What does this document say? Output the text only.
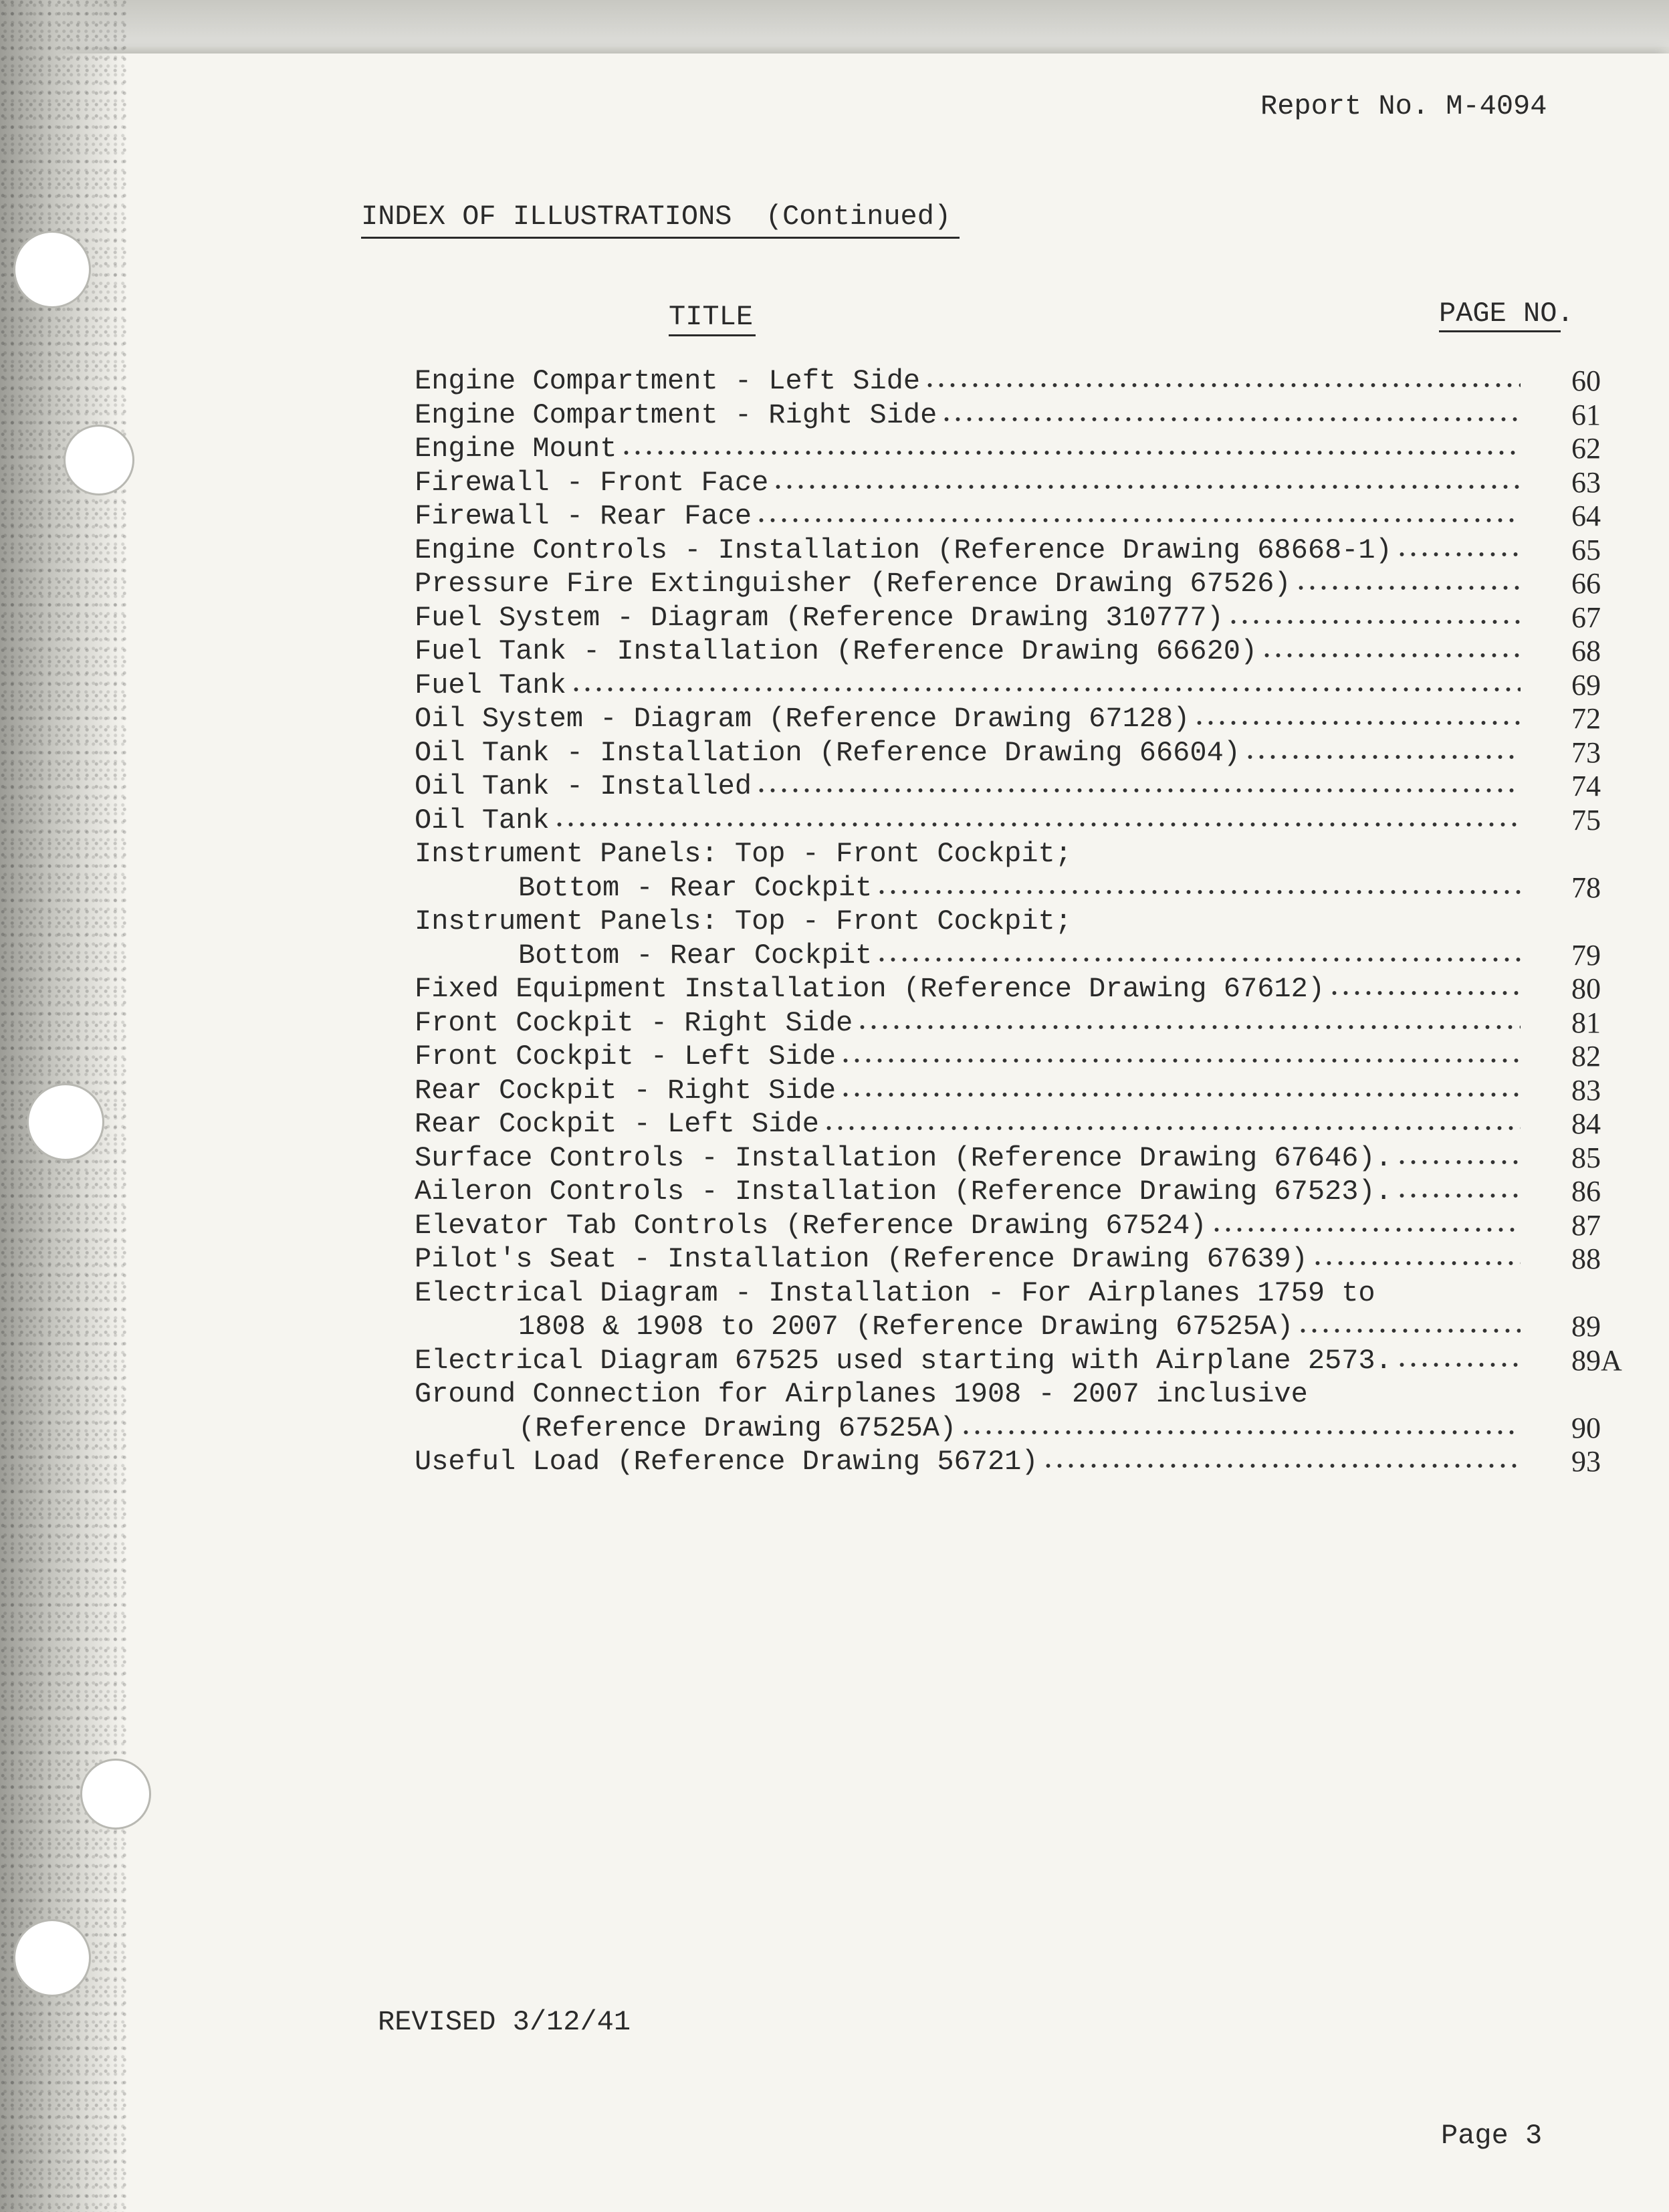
Report No. M-4094
INDEX OF ILLUSTRATIONS  (Continued)
TITLE	PAGE NO.
Engine Compartment - Left Side	60
Engine Compartment - Right Side	61
Engine Mount	62
Firewall - Front Face	63
Firewall - Rear Face	64
Engine Controls - Installation (Reference Drawing 68668-1)	65
Pressure Fire Extinguisher (Reference Drawing 67526)	66
Fuel System - Diagram (Reference Drawing 310777)	67
Fuel Tank - Installation (Reference Drawing 66620)	68
Fuel Tank	69
Oil System - Diagram (Reference Drawing 67128)	72
Oil Tank - Installation (Reference Drawing 66604)	73
Oil Tank - Installed	74
Oil Tank	75
Instrument Panels: Top - Front Cockpit;
Bottom - Rear Cockpit	78
Instrument Panels: Top - Front Cockpit;
Bottom - Rear Cockpit	79
Fixed Equipment Installation (Reference Drawing 67612)	80
Front Cockpit - Right Side	81
Front Cockpit - Left Side	82
Rear Cockpit - Right Side	83
Rear Cockpit - Left Side	84
Surface Controls - Installation (Reference Drawing 67646).	85
Aileron Controls - Installation (Reference Drawing 67523).	86
Elevator Tab Controls (Reference Drawing 67524)	87
Pilot's Seat - Installation (Reference Drawing 67639)	88
Electrical Diagram - Installation - For Airplanes 1759 to
1808 & 1908 to 2007 (Reference Drawing 67525A)	89
Electrical Diagram 67525 used starting with Airplane 2573.	89A
Ground Connection for Airplanes 1908 - 2007 inclusive
(Reference Drawing 67525A)	90
Useful Load (Reference Drawing 56721)	93
REVISED 3/12/41
Page 3
